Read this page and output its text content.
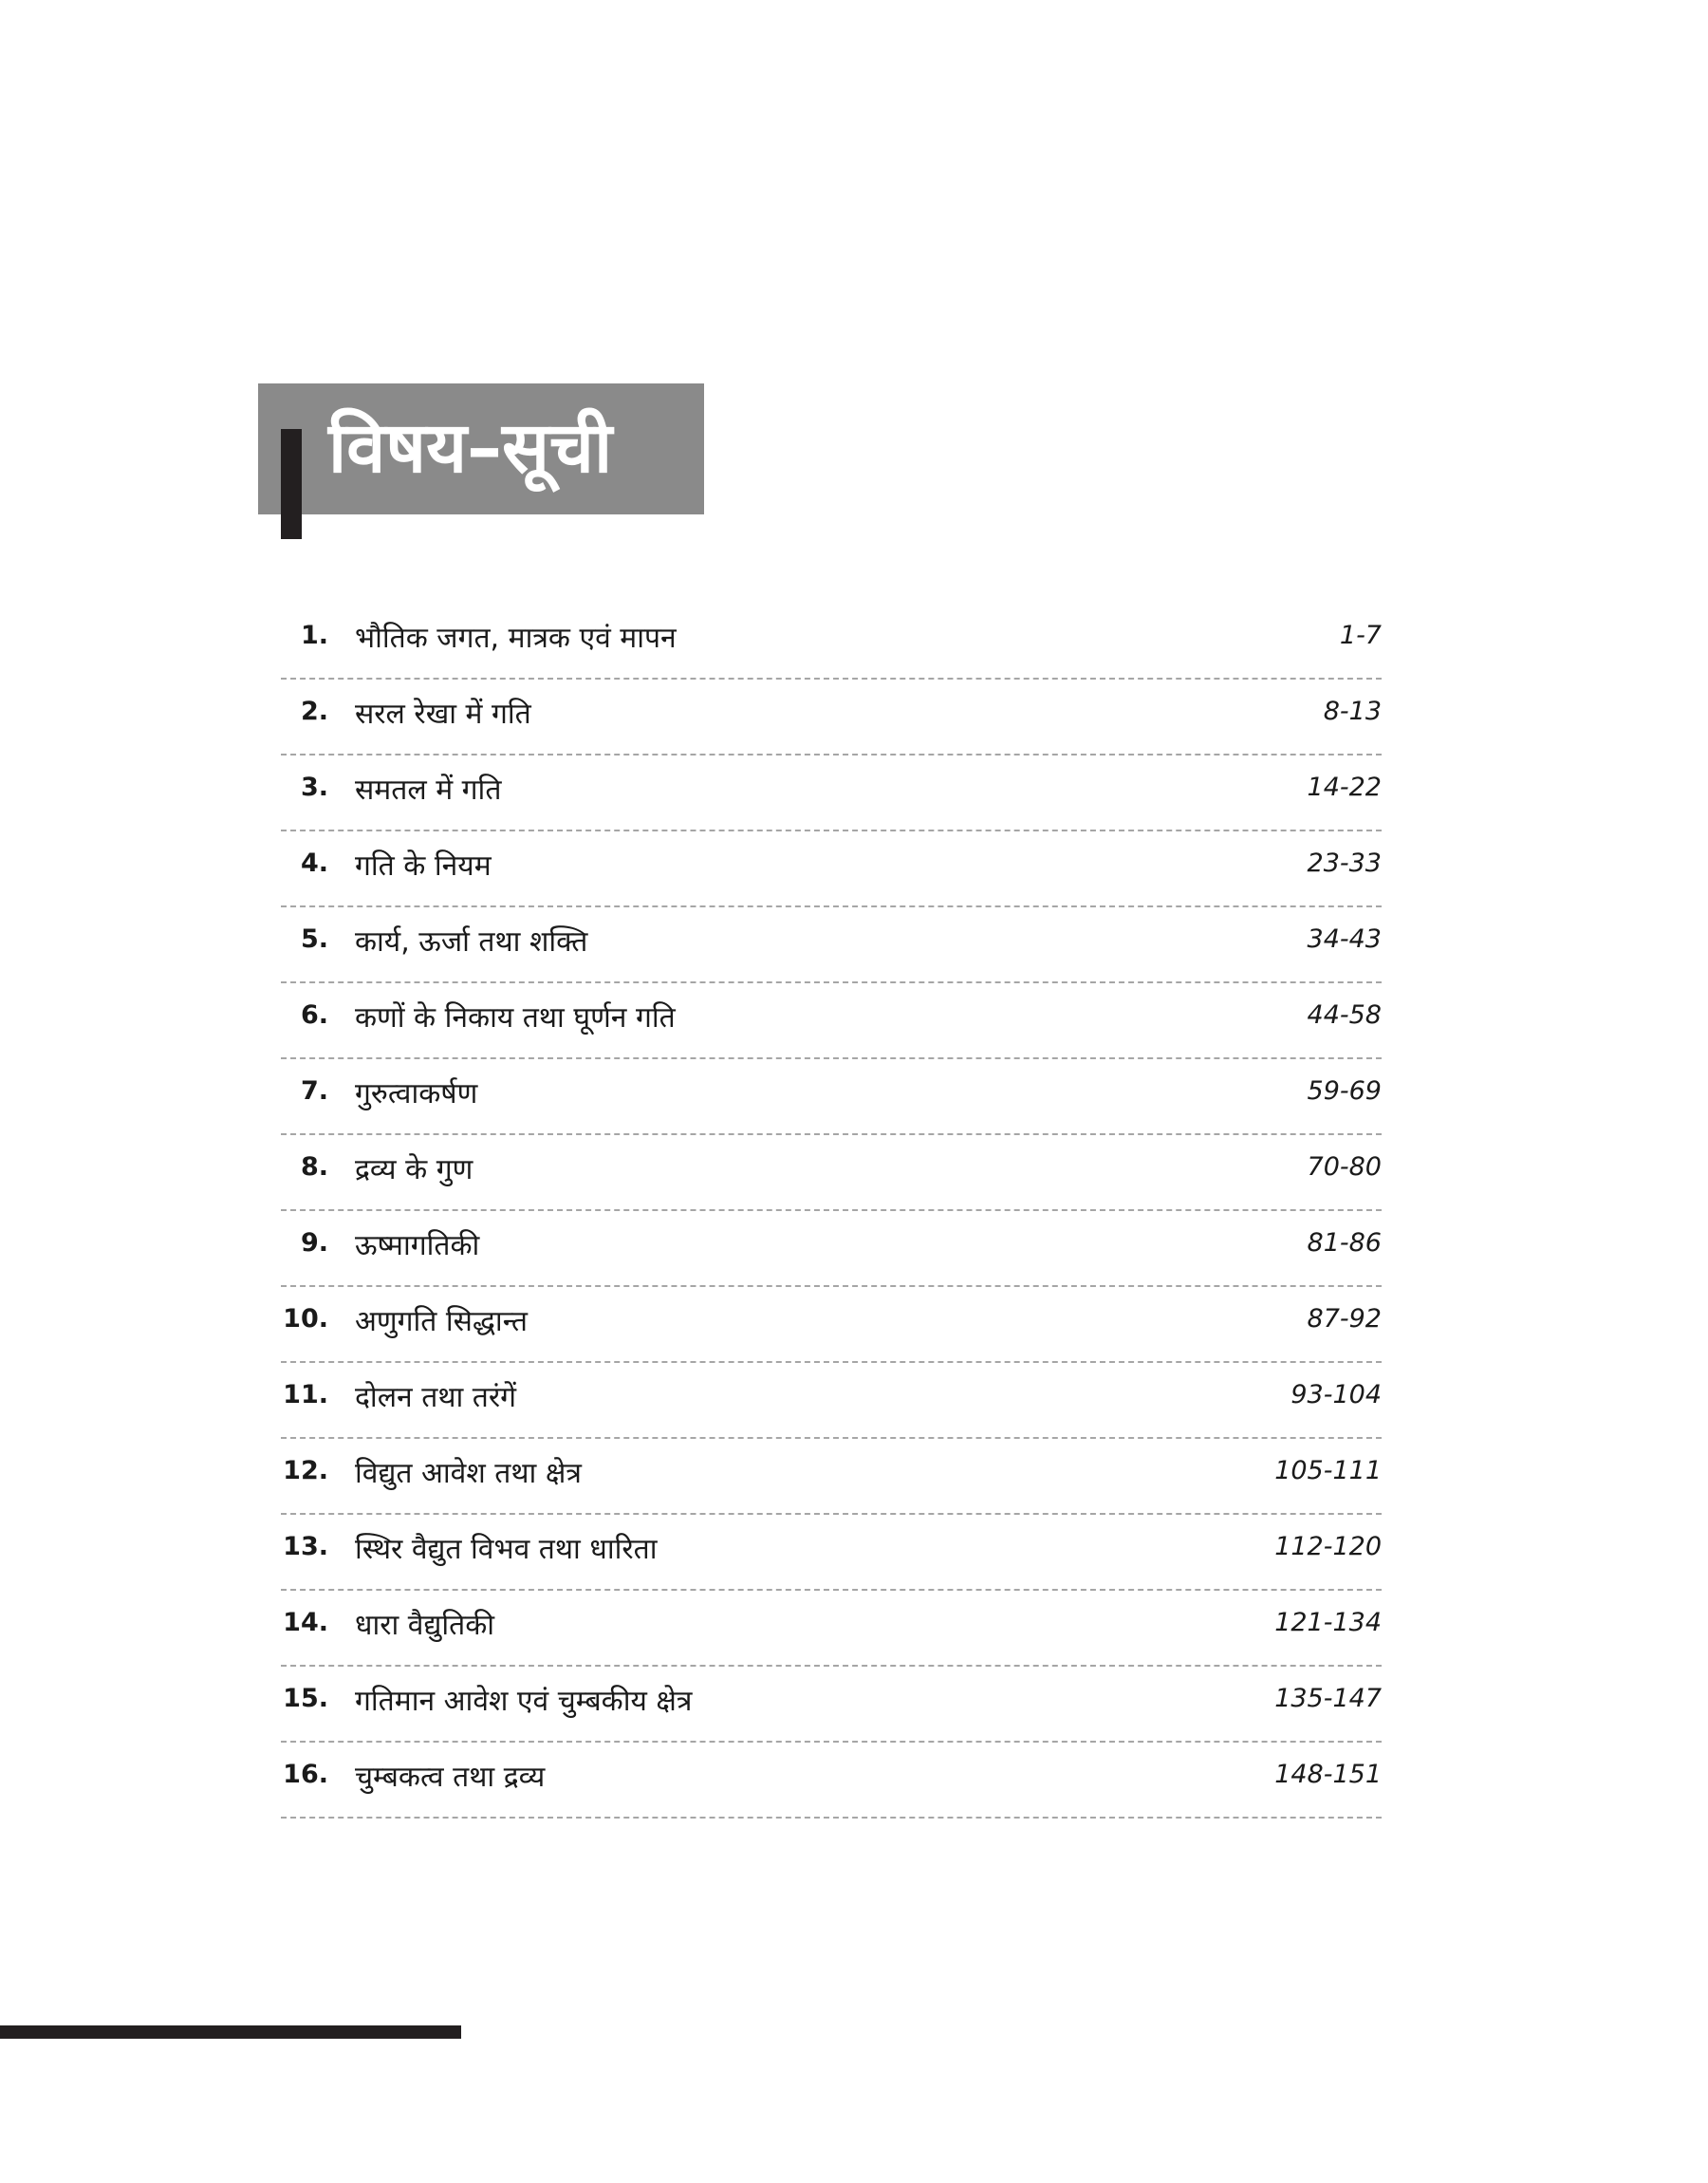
विषय–सूची
1. भौतिक जगत, मात्रक एवं मापन	1-7
2. सरल रेखा में गति	8-13
3. समतल में गति	14-22
4. गति के नियम	23-33
5. कार्य, ऊर्जा तथा शक्ति	34-43
6. कणों के निकाय तथा घूर्णन गति	44-58
7. गुरुत्वाकर्षण	59-69
8. द्रव्य के गुण	70-80
9. ऊष्मागतिकी	81-86
10. अणुगति सिद्धान्त	87-92
11. दोलन तथा तरंगें	93-104
12. विद्युत आवेश तथा क्षेत्र	105-111
13. स्थिर वैद्युत विभव तथा धारिता	112-120
14. धारा वैद्युतिकी	121-134
15. गतिमान आवेश एवं चुम्बकीय क्षेत्र	135-147
16. चुम्बकत्व तथा द्रव्य	148-151
